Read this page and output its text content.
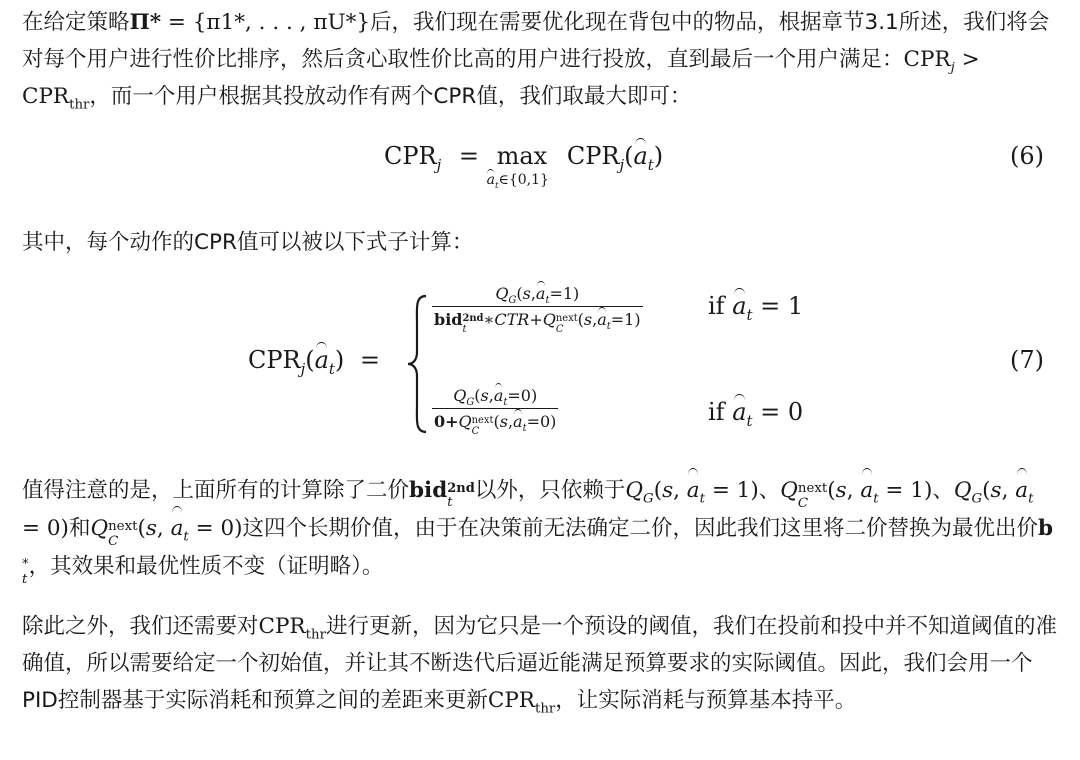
在给定策略Π* = {π1*, . . . , πU*}后，我们现在需要优化现在背包中的物品，根据章节3.1所述，我们将会对每个用户进行性价比排序，然后贪心取性价比高的用户进行投放，直到最后一个用户满足：$CPR_j > CPR_{thr}$，而一个用户根据其投放动作有两个CPR值，我们取最大即可：

$CPR_j = \max$
$a_t\in\{0,1\}$
$CPR_j(a_t)$	(6)

其中，每个动作的CPR值可以被以下式子计算：

$CPR_j(a_t)$ =
$Q_G(s,a_t=1)$
bid 2nd
t
∗CTR+Q next
C
$(s,a_t=1)$	if $a_t = 1$
$Q_G(s,a_t=0)$
0+Q next
C
$(s,a_t=0)$	if $a_t = 0$
(7)

值得注意的是，上面所有的计算除了二价bid 2nd
t	以外，只依赖于$Q_G(s$, $a_t = 1$)、Q next
C
(s, $a_t = 1$)、$Q_G(s$, $a_t = 0$)和Q next
C
(s, $a_t = 0$)这四个长期价值，由于在决策前无法确定二价，因此我们这里将二价替换为最优出价b
*
t
，其效果和最优性质不变（证明略）。

除此之外，我们还需要对$CPR_{thr}$进行更新，因为它只是一个预设的阈值，我们在投前和投中并不知道阈值的准确值，所以需要给定一个初始值，并让其不断迭代后逼近能满足预算要求的实际阈值。因此，我们会用一个PID控制器基于实际消耗和预算之间的差距来更新$CPR_{thr}$，让实际消耗与预算基本持平。
